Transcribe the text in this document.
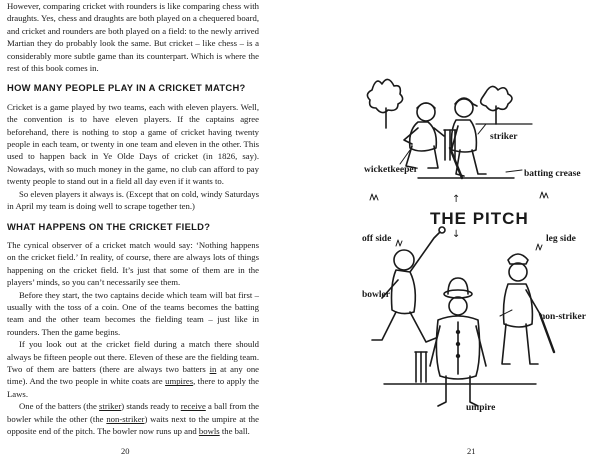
However, comparing cricket with rounders is like comparing chess with draughts. Yes, chess and draughts are both played on a chequered board, and cricket and rounders are both played on a field: to the newly arrived Martian they do probably look the same. But cricket – like chess – is a considerably more subtle game than its counterpart. Which is where the rest of this book comes in.

HOW MANY PEOPLE PLAY IN A CRICKET MATCH?

Cricket is a game played by two teams, each with eleven players. Well, the convention is to have eleven players. If the captains agree beforehand, there is nothing to stop a game of cricket having twenty people in each team, or twenty in one team and eleven in the other. This used to happen back in Ye Olde Days of cricket (in 1826, say). Nowadays, with so much money in the game, no club can afford to pay twenty people to stand out in a field all day even if it wants to.

So eleven players it always is. (Except that on cold, windy Saturdays in April my team is doing well to scrape together ten.)

WHAT HAPPENS ON THE CRICKET FIELD?

The cynical observer of a cricket match would say: ‘Nothing happens on the cricket field.’ In reality, of course, there are always lots of things happening on the cricket field. It’s just that some of them are in the players’ minds, so you can’t necessarily see them.

Before they start, the two captains decide which team will bat first – usually with the toss of a coin. One of the teams becomes the batting team and the other team becomes the fielding team – just like in rounders. Then the game begins.

If you look out at the cricket field during a match there should always be fifteen people out there. Eleven of these are the fielding team. Two of them are batters (there are always two batters in at any one time). And the two people in white coats are umpires, there to apply the Laws.

One of the batters (the striker) stands ready to receive a ball from the bowler while the other (the non-striker) waits next to the umpire at the opposite end of the pitch. The bowler now runs up and bowls the ball.

20
striker
wicketkeeper	batting crease
↑
THE PITCH
↓
off side	leg side
bowler
non-striker
umpire
21
